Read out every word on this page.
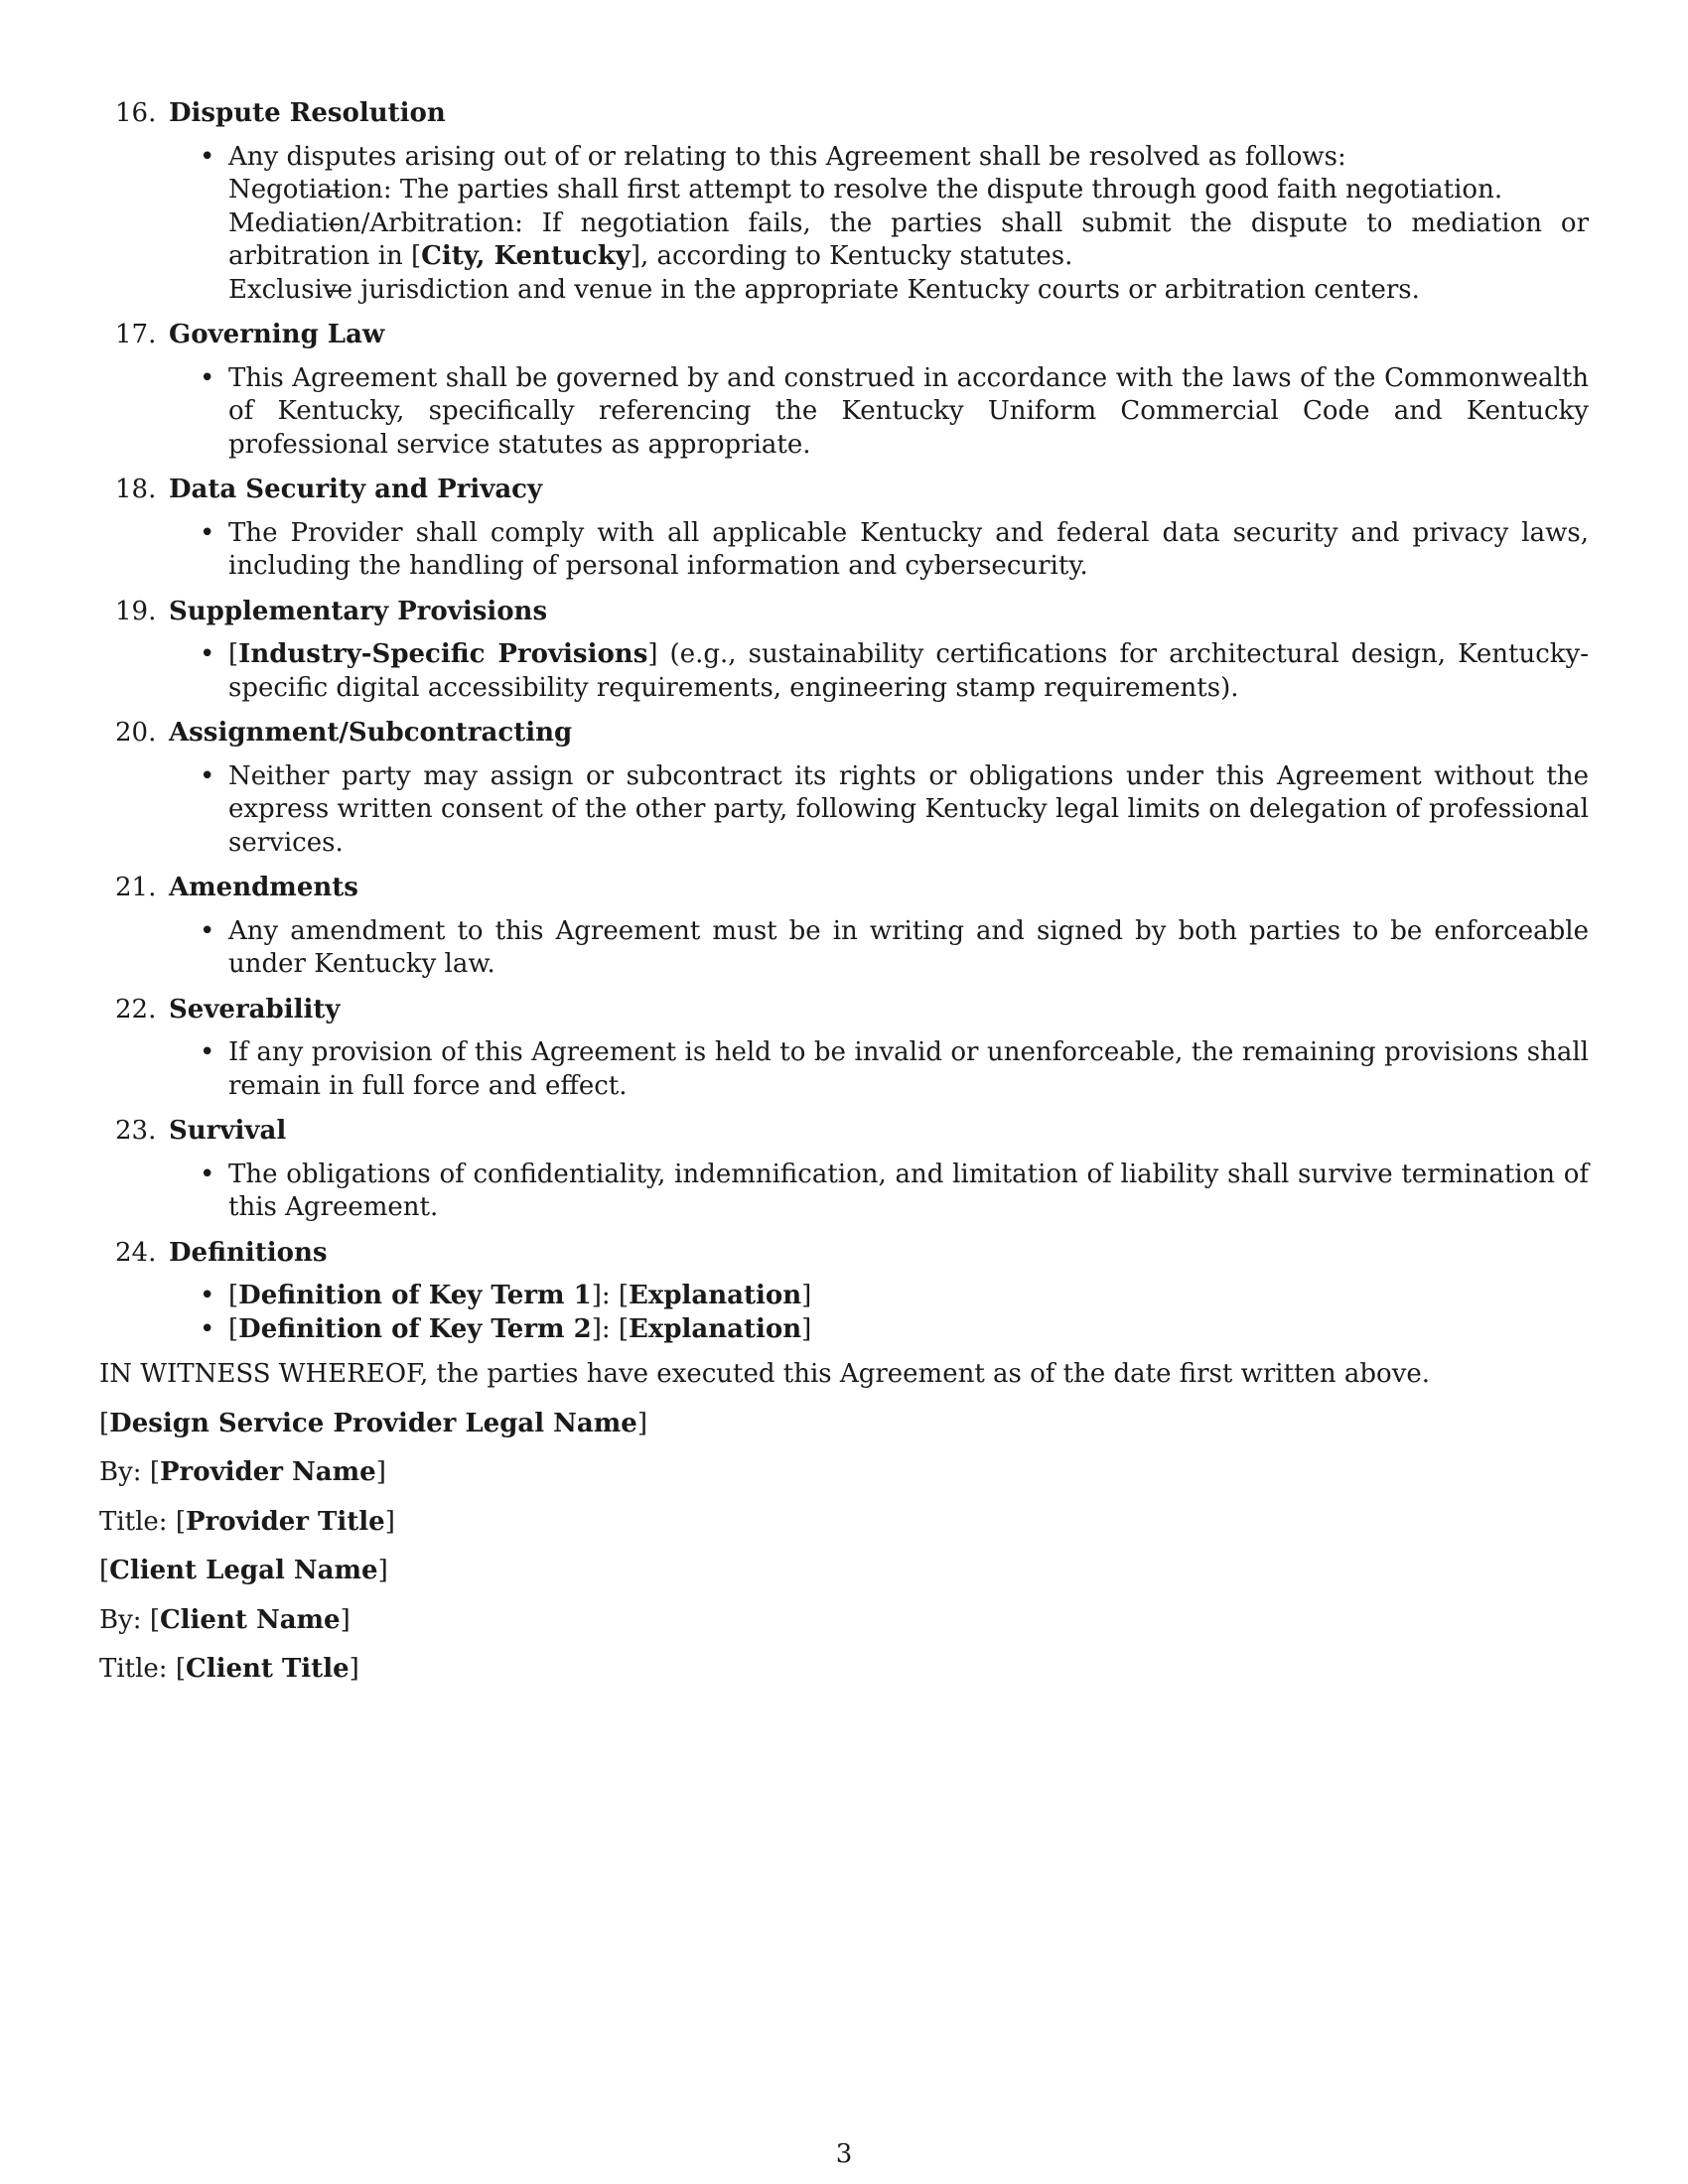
16. Dispute Resolution
• Any disputes arising out of or relating to this Agreement shall be resolved as follows:
– Negotiation: The parties shall first attempt to resolve the dispute through good faith negotiation.
– Mediation/Arbitration: If negotiation fails, the parties shall submit the dispute to mediation or arbitration in [City, Kentucky], according to Kentucky statutes.
– Exclusive jurisdiction and venue in the appropriate Kentucky courts or arbitration centers.
17. Governing Law
• This Agreement shall be governed by and construed in accordance with the laws of the Commonwealth of Kentucky, specifically referencing the Kentucky Uniform Commercial Code and Kentucky professional service statutes as appropriate.
18. Data Security and Privacy
• The Provider shall comply with all applicable Kentucky and federal data security and privacy laws, including the handling of personal information and cybersecurity.
19. Supplementary Provisions
• [Industry-Specific Provisions] (e.g., sustainability certifications for architectural design, Kentucky-specific digital accessibility requirements, engineering stamp requirements).
20. Assignment/Subcontracting
• Neither party may assign or subcontract its rights or obligations under this Agreement without the express written consent of the other party, following Kentucky legal limits on delegation of professional services.
21. Amendments
• Any amendment to this Agreement must be in writing and signed by both parties to be enforceable under Kentucky law.
22. Severability
• If any provision of this Agreement is held to be invalid or unenforceable, the remaining provisions shall remain in full force and effect.
23. Survival
• The obligations of confidentiality, indemnification, and limitation of liability shall survive termination of this Agreement.
24. Definitions
• [Definition of Key Term 1]: [Explanation]
• [Definition of Key Term 2]: [Explanation]

IN WITNESS WHEREOF, the parties have executed this Agreement as of the date first written above.

[Design Service Provider Legal Name]

By: [Provider Name]

Title: [Provider Title]

[Client Legal Name]

By: [Client Name]

Title: [Client Title]

3
